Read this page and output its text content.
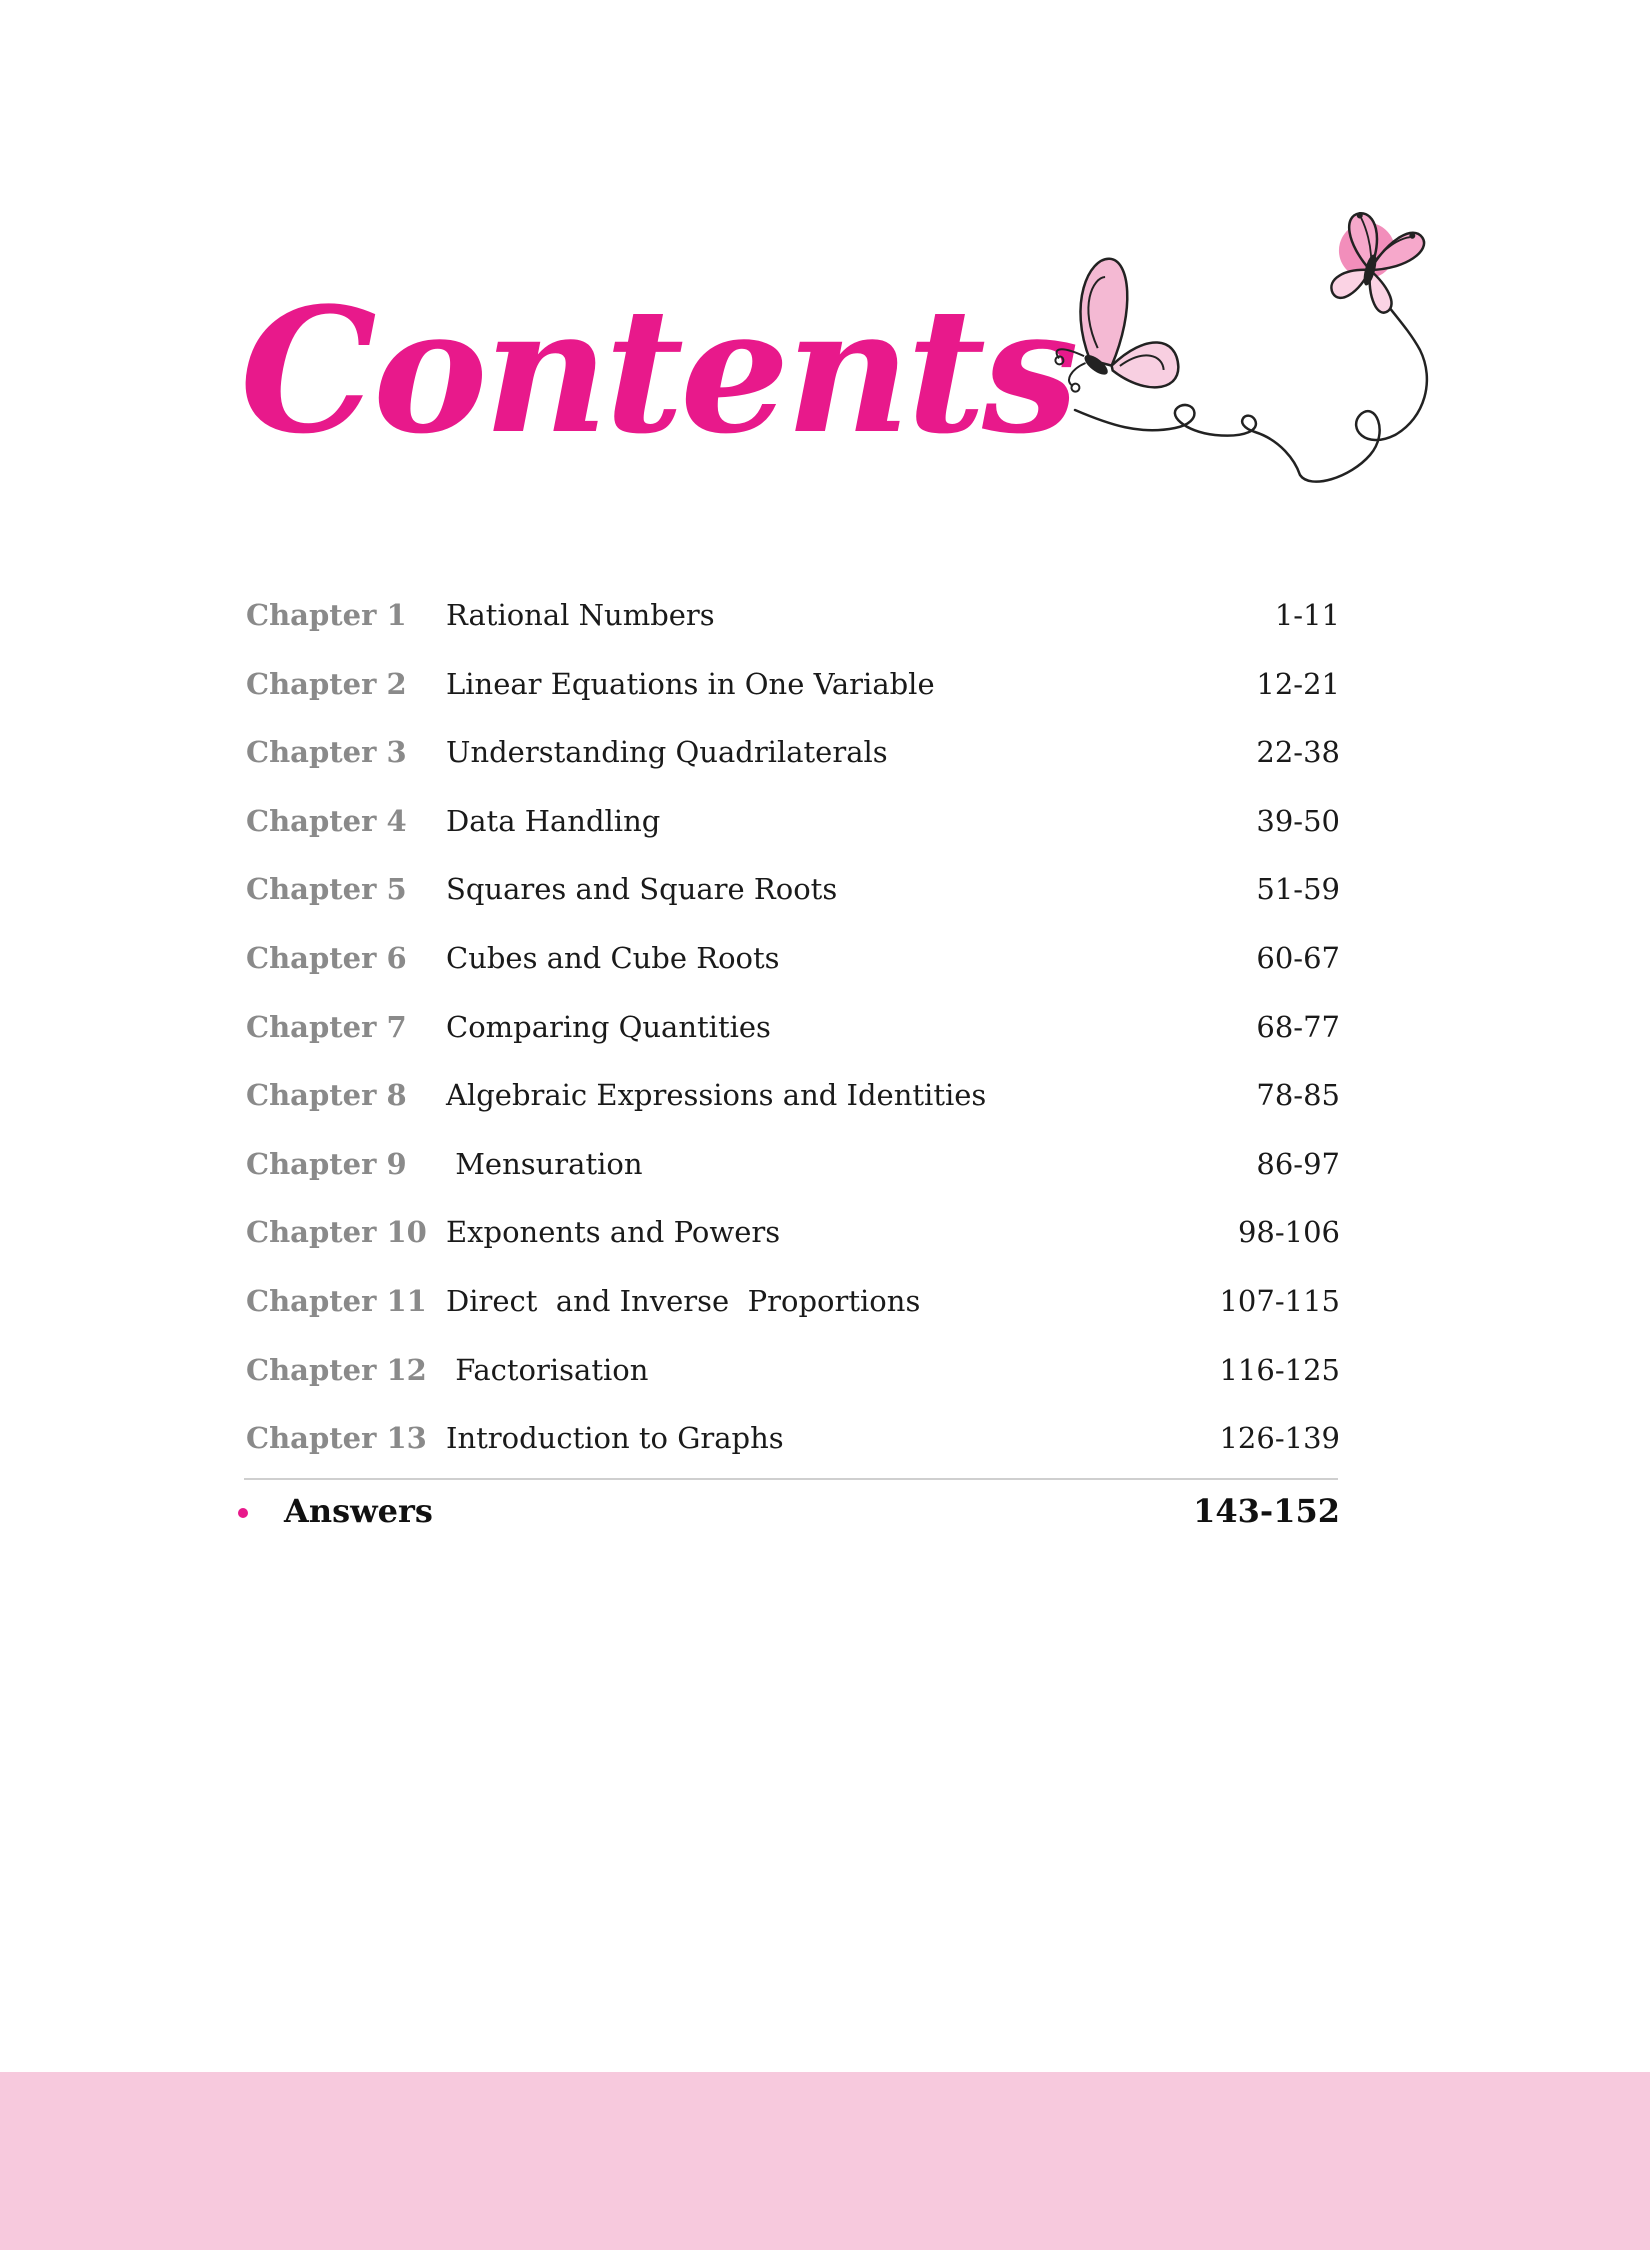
Contents
Chapter 1 Rational Numbers	1-11
Chapter 2 Linear Equations in One Variable	12-21
Chapter 3 Understanding Quadrilaterals	22-38
Chapter 4 Data Handling	39-50
Chapter 5 Squares and Square Roots	51-59
Chapter 6 Cubes and Cube Roots	60-67
Chapter 7 Comparing Quantities	68-77
Chapter 8 Algebraic Expressions and Identities	78-85
Chapter 9 Mensuration	86-97
Chapter 10 Exponents and Powers	98-106
Chapter 11 Direct  and Inverse  Proportions	107-115
Chapter 12 Factorisation	116-125
Chapter 13 Introduction to Graphs	126-139
Answers	143-152
